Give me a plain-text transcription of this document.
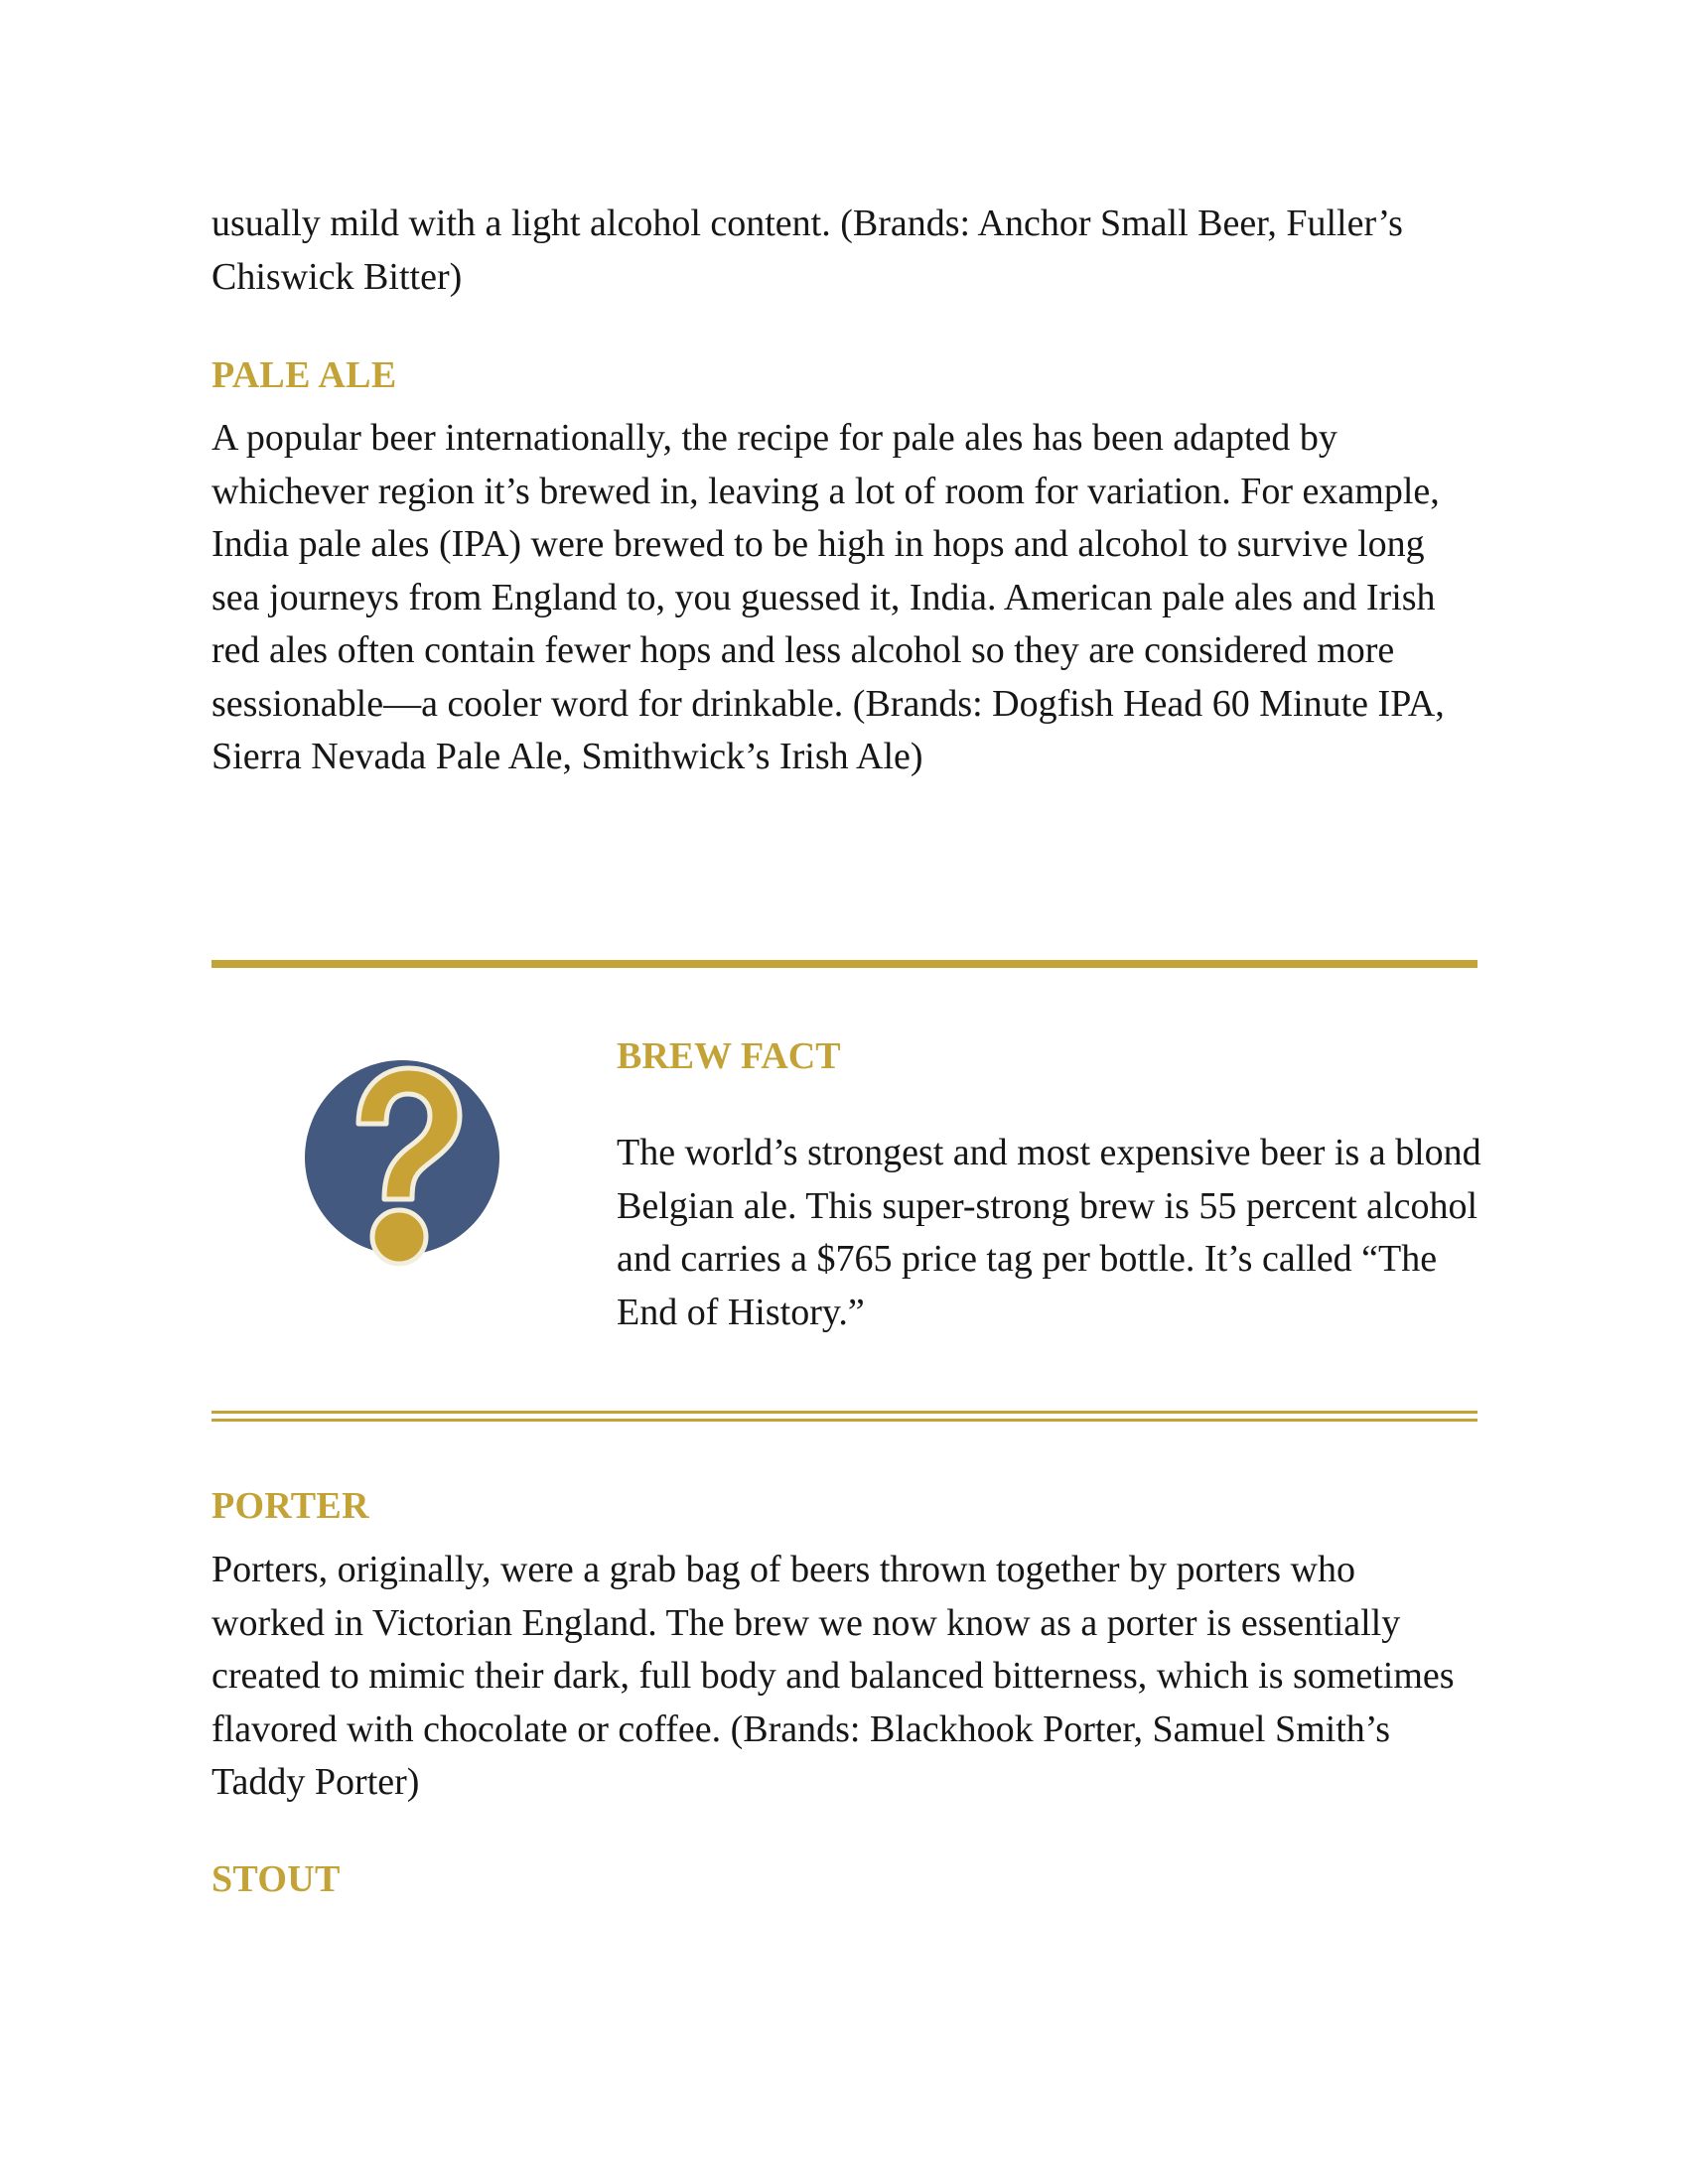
usually mild with a light alcohol content. (Brands: Anchor Small Beer, Fuller’s Chiswick Bitter)

PALE ALE

A popular beer internationally, the recipe for pale ales has been adapted by whichever region it’s brewed in, leaving a lot of room for variation. For example, India pale ales (IPA) were brewed to be high in hops and alcohol to survive long sea journeys from England to, you guessed it, India. American pale ales and Irish red ales often contain fewer hops and less alcohol so they are considered more sessionable—a cooler word for drinkable. (Brands: Dogfish Head 60 Minute IPA, Sierra Nevada Pale Ale, Smithwick’s Irish Ale)

BREW FACT

The world’s strongest and most expensive beer is a blond Belgian ale. This super-strong brew is 55 percent alcohol and carries a $765 price tag per bottle. It’s called “The End of History.”

PORTER

Porters, originally, were a grab bag of beers thrown together by porters who worked in Victorian England. The brew we now know as a porter is essentially created to mimic their dark, full body and balanced bitterness, which is sometimes flavored with chocolate or coffee. (Brands: Blackhook Porter, Samuel Smith’s Taddy Porter)

STOUT
